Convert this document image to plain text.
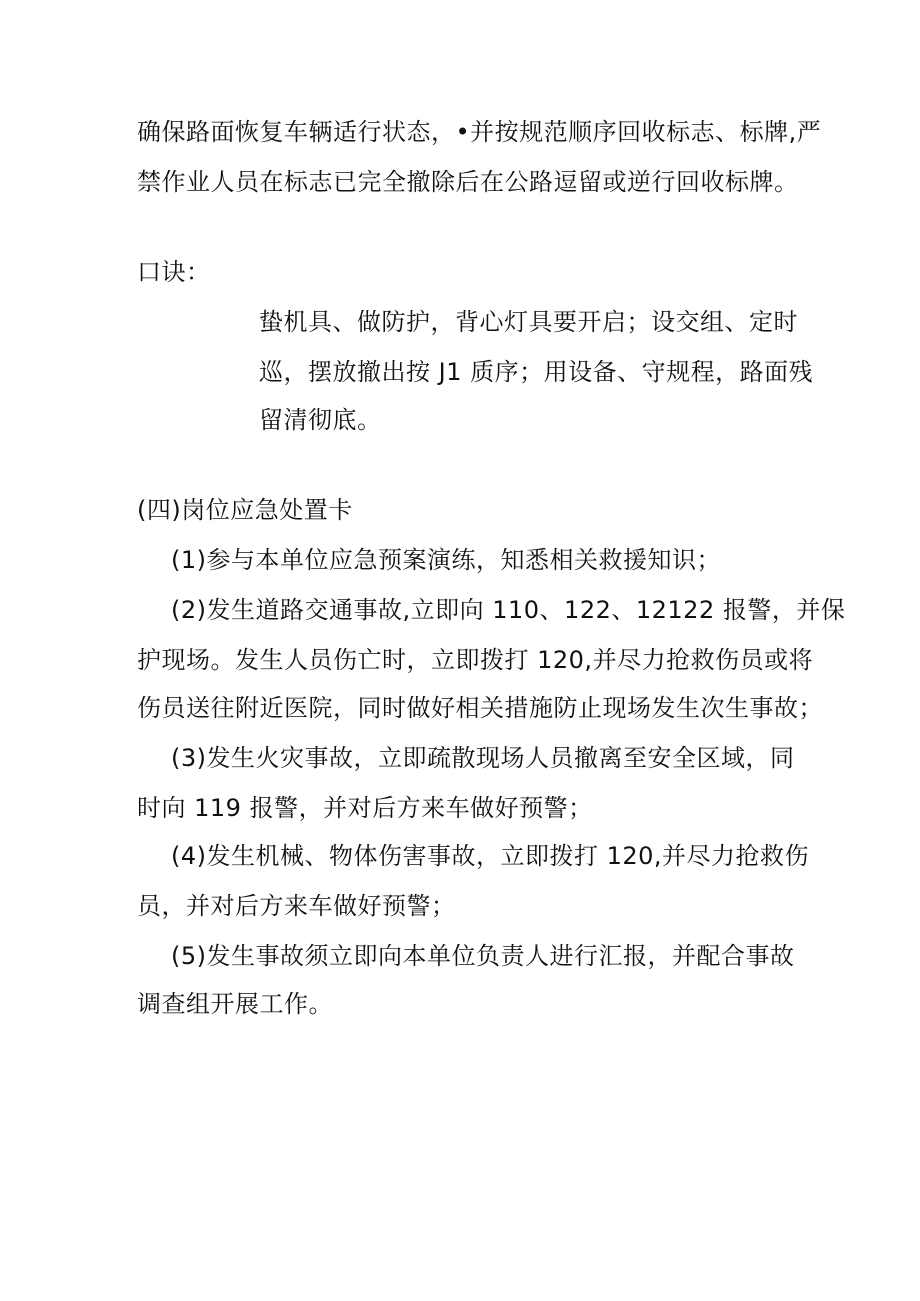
确保路面恢复车辆适行状态，•并按规范顺序回收标志、标牌,严
禁作业人员在标志已完全撤除后在公路逗留或逆行回收标牌。
口诀：
蛰机具、做防护，背心灯具要开启；设交组、定时
巡，摆放撤出按 J1 质序；用设备、守规程，路面残
留清彻底。
(四)岗位应急处置卡
(1)参与本单位应急预案演练，知悉相关救援知识；
(2)发生道路交通事故,立即向 110、122、12122 报警，并保
护现场。发生人员伤亡时，立即拨打 120,并尽力抢救伤员或将
伤员送往附近医院，同时做好相关措施防止现场发生次生事故；
(3)发生火灾事故，立即疏散现场人员撤离至安全区域，同
时向 119 报警，并对后方来车做好预警；
(4)发生机械、物体伤害事故，立即拨打 120,并尽力抢救伤
员，并对后方来车做好预警；
(5)发生事故须立即向本单位负责人进行汇报，并配合事故
调查组开展工作。
